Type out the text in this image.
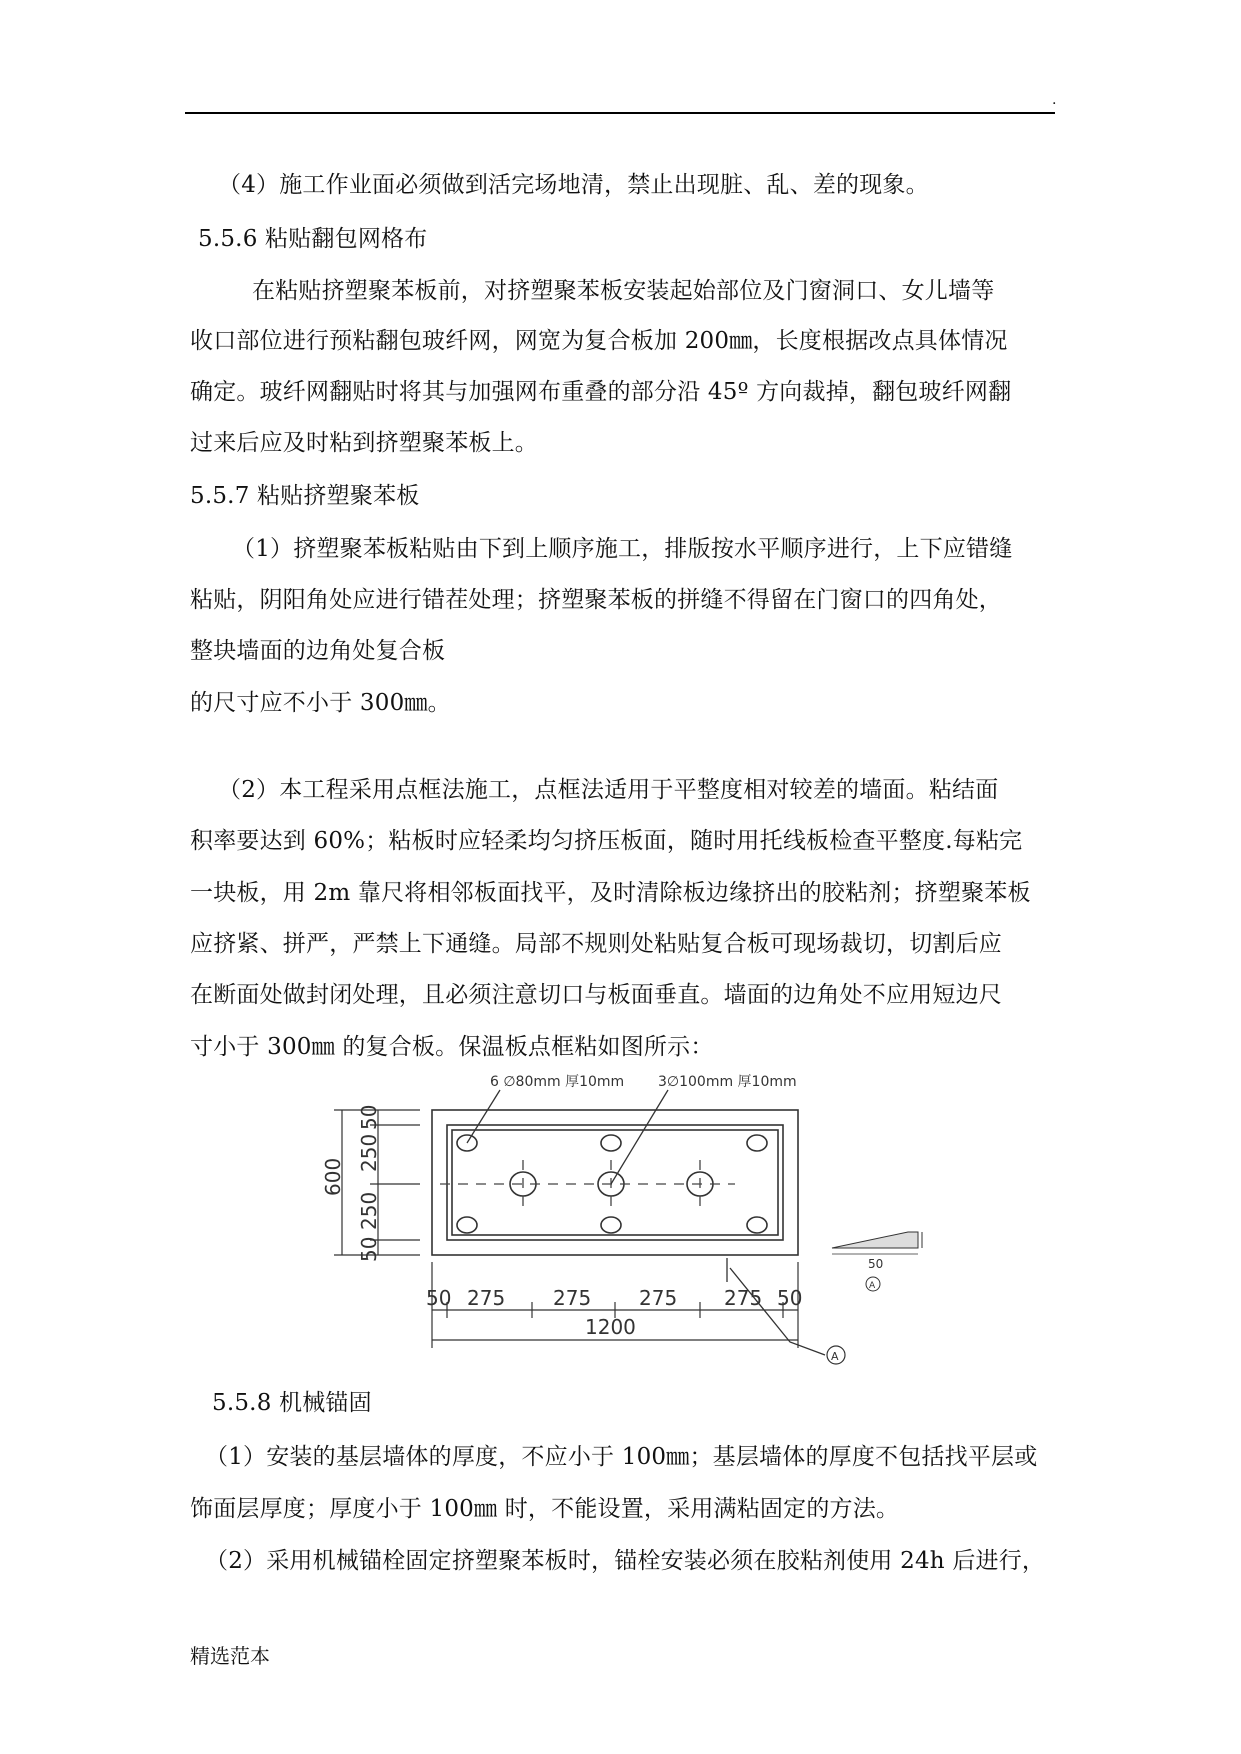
.
（4）施工作业面必须做到活完场地清，禁止出现脏、乱、差的现象。
5.5.6 粘贴翻包网格布
在粘贴挤塑聚苯板前，对挤塑聚苯板安装起始部位及门窗洞口、女儿墙等
收口部位进行预粘翻包玻纤网，网宽为复合板加 200㎜，长度根据改点具体情况
确定。玻纤网翻贴时将其与加强网布重叠的部分沿 45º 方向裁掉，翻包玻纤网翻
过来后应及时粘到挤塑聚苯板上。
5.5.7 粘贴挤塑聚苯板
（1）挤塑聚苯板粘贴由下到上顺序施工，排版按水平顺序进行，上下应错缝
粘贴，阴阳角处应进行错茬处理；挤塑聚苯板的拼缝不得留在门窗口的四角处，
整块墙面的边角处复合板
的尺寸应不小于 300㎜。
（2）本工程采用点框法施工，点框法适用于平整度相对较差的墙面。粘结面
积率要达到 60%；粘板时应轻柔均匀挤压板面，随时用托线板检查平整度.每粘完
一块板，用 2m 靠尺将相邻板面找平，及时清除板边缘挤出的胶粘剂；挤塑聚苯板
应挤紧、拼严，严禁上下通缝。局部不规则处粘贴复合板可现场裁切，切割后应
在断面处做封闭处理，且必须注意切口与板面垂直。墙面的边角处不应用短边尺
寸小于 300㎜ 的复合板。保温板点框粘如图所示：
6 ∅80mm 厚10mm 3∅100mm 厚10mm
600
50
250
250
50
50 275 275 275 275 50
1200
A
50
A
5.5.8 机械锚固
（1）安装的基层墙体的厚度，不应小于 100㎜；基层墙体的厚度不包括找平层或
饰面层厚度；厚度小于 100㎜ 时，不能设置，采用满粘固定的方法。
（2）采用机械锚栓固定挤塑聚苯板时，锚栓安装必须在胶粘剂使用 24h 后进行，
精选范本
